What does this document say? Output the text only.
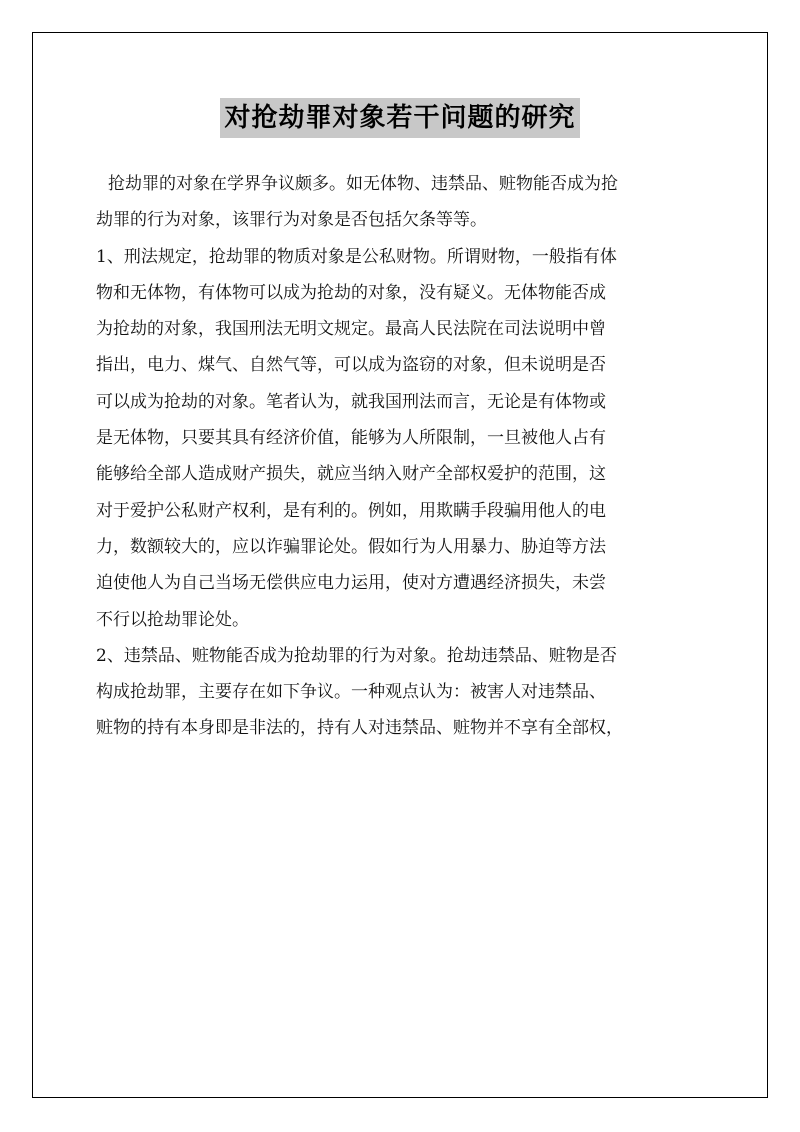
对抢劫罪对象若干问题的研究
抢劫罪的对象在学界争议颇多。如无体物、违禁品、赃物能否成为抢
劫罪的行为对象，该罪行为对象是否包括欠条等等。
1、刑法规定，抢劫罪的物质对象是公私财物。所谓财物，一般指有体
物和无体物，有体物可以成为抢劫的对象，没有疑义。无体物能否成
为抢劫的对象，我国刑法无明文规定。最高人民法院在司法说明中曾
指出，电力、煤气、自然气等，可以成为盗窃的对象，但未说明是否
可以成为抢劫的对象。笔者认为，就我国刑法而言，无论是有体物或
是无体物，只要其具有经济价值，能够为人所限制，一旦被他人占有
能够给全部人造成财产损失，就应当纳入财产全部权爱护的范围，这
对于爱护公私财产权利，是有利的。例如，用欺瞒手段骗用他人的电
力，数额较大的，应以诈骗罪论处。假如行为人用暴力、胁迫等方法
迫使他人为自己当场无偿供应电力运用，使对方遭遇经济损失，未尝
不行以抢劫罪论处。
2、违禁品、赃物能否成为抢劫罪的行为对象。抢劫违禁品、赃物是否
构成抢劫罪，主要存在如下争议。一种观点认为：被害人对违禁品、
赃物的持有本身即是非法的，持有人对违禁品、赃物并不享有全部权，
